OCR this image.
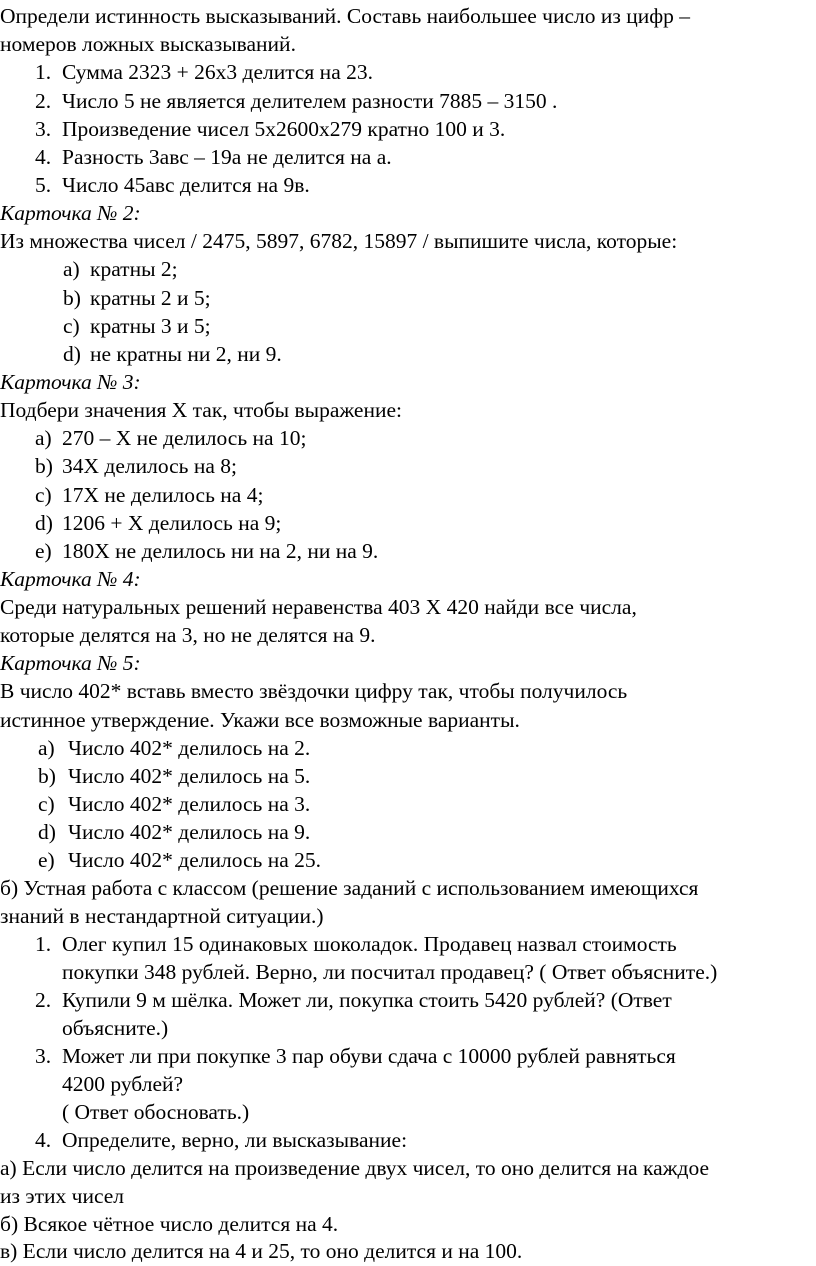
Определи истинность высказываний. Составь наибольшее число из цифр –
номеров ложных высказываний.
1. Сумма 2323 + 26х3 делится на 23.
2. Число 5 не является делителем разности 7885 – 3150 .
3. Произведение чисел 5х2600х279 кратно 100 и 3.
4. Разность 3авс – 19а не делится на а.
5. Число 45авс делится на 9в.
Карточка № 2:
Из множества чисел / 2475, 5897, 6782, 15897 / выпишите числа, которые:
a) кратны 2;
b) кратны 2 и 5;
c) кратны 3 и 5;
d) не кратны ни 2, ни 9.
Карточка № 3:
Подбери значения Х так, чтобы выражение:
a) 270 – Х не делилось на 10;
b) 34Х делилось на 8;
c) 17Х не делилось на 4;
d) 1206 + Х делилось на 9;
e) 180Х не делилось ни на 2, ни на 9.
Карточка № 4:
Среди натуральных решений неравенства 403 Х 420 найди все числа,
которые делятся на 3, но не делятся на 9.
Карточка № 5:
В число 402* вставь вместо звёздочки цифру так, чтобы получилось
истинное утверждение. Укажи все возможные варианты.
a) Число 402* делилось на 2.
b) Число 402* делилось на 5.
c) Число 402* делилось на 3.
d) Число 402* делилось на 9.
e) Число 402* делилось на 25.
б) Устная работа с классом (решение заданий с использованием имеющихся
знаний в нестандартной ситуации.)
1. Олег купил 15 одинаковых шоколадок. Продавец назвал стоимость
покупки 348 рублей. Верно, ли посчитал продавец? ( Ответ объясните.)
2. Купили 9 м шёлка. Может ли, покупка стоить 5420 рублей? (Ответ
объясните.)
3. Может ли при покупке 3 пар обуви сдача с 10000 рублей равняться
4200 рублей?
( Ответ обосновать.)
4. Определите, верно, ли высказывание:
а) Если число делится на произведение двух чисел, то оно делится на каждое
из этих чисел
б) Всякое чётное число делится на 4.
в) Если число делится на 4 и 25, то оно делится и на 100.
